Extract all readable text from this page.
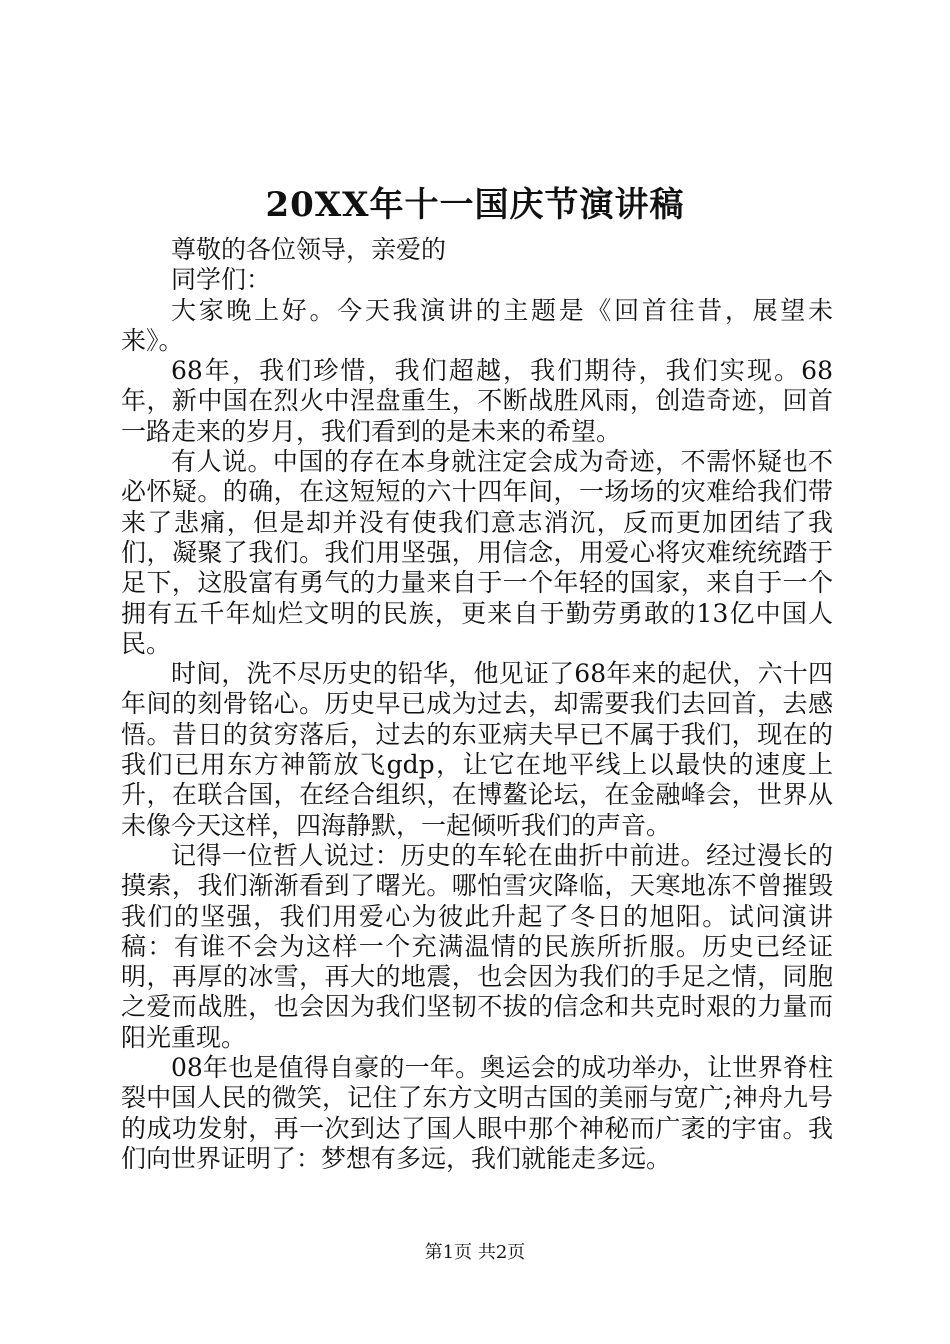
20XX年十一国庆节演讲稿

尊敬的各位领导，亲爱的

同学们：

大家晚上好。今天我演讲的主题是《回首往昔，展望未来》。

68年，我们珍惜，我们超越，我们期待，我们实现。68年，新中国在烈火中涅盘重生，不断战胜风雨，创造奇迹，回首一路走来的岁月，我们看到的是未来的希望。

有人说。中国的存在本身就注定会成为奇迹，不需怀疑也不必怀疑。的确，在这短短的六十四年间，一场场的灾难给我们带来了悲痛，但是却并没有使我们意志消沉，反而更加团结了我们，凝聚了我们。我们用坚强，用信念，用爱心将灾难统统踏于足下，这股富有勇气的力量来自于一个年轻的国家，来自于一个拥有五千年灿烂文明的民族，更来自于勤劳勇敢的13亿中国人民。

时间，洗不尽历史的铅华，他见证了68年来的起伏，六十四年间的刻骨铭心。历史早已成为过去，却需要我们去回首，去感悟。昔日的贫穷落后，过去的东亚病夫早已不属于我们，现在的我们已用东方神箭放飞gdp，让它在地平线上以最快的速度上升，在联合国，在经合组织，在博鳌论坛，在金融峰会，世界从未像今天这样，四海静默，一起倾听我们的声音。

记得一位哲人说过：历史的车轮在曲折中前进。经过漫长的摸索，我们渐渐看到了曙光。哪怕雪灾降临，天寒地冻不曾摧毁我们的坚强，我们用爱心为彼此升起了冬日的旭阳。试问演讲稿：有谁不会为这样一个充满温情的民族所折服。历史已经证明，再厚的冰雪，再大的地震，也会因为我们的手足之情，同胞之爱而战胜，也会因为我们坚韧不拔的信念和共克时艰的力量而阳光重现。

08年也是值得自豪的一年。奥运会的成功举办，让世界脊柱裂中国人民的微笑，记住了东方文明古国的美丽与宽广;神舟九号的成功发射，再一次到达了国人眼中那个神秘而广袤的宇宙。我们向世界证明了：梦想有多远，我们就能走多远。

第1页 共2页
